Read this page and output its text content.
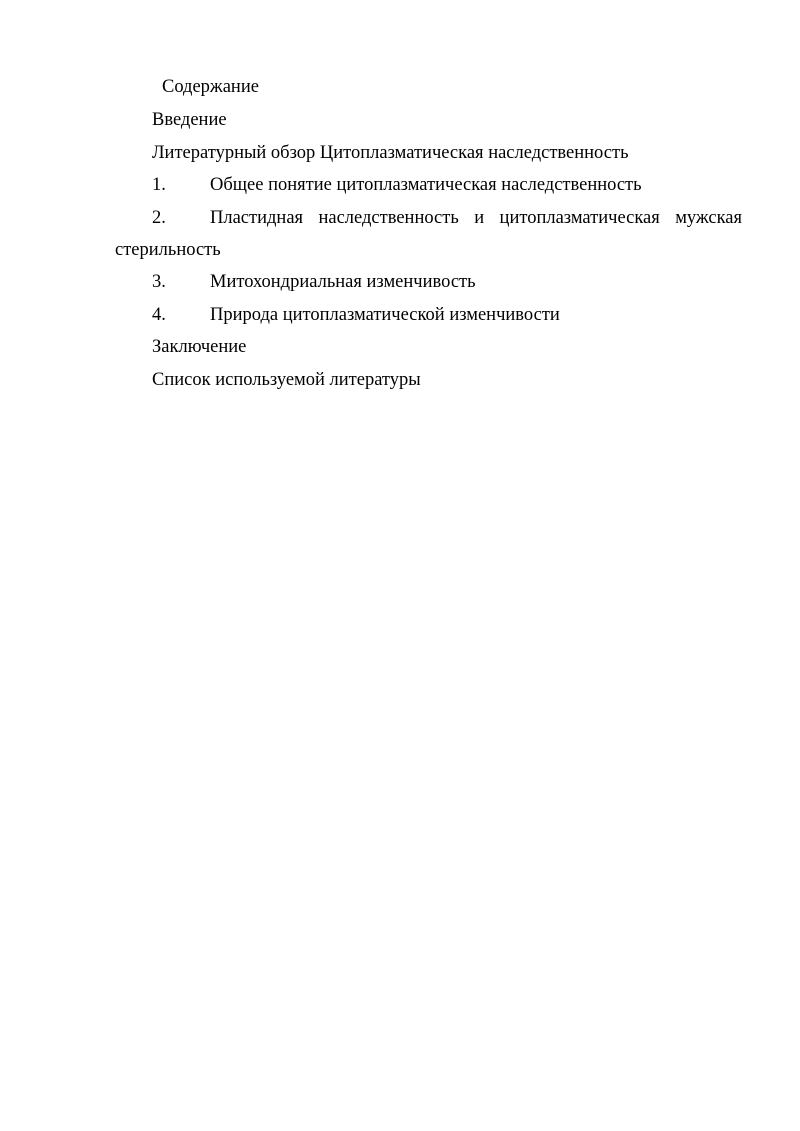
Содержание
Введение
Литературный обзор Цитоплазматическая наследственность
1. Общее понятие цитоплазматическая наследственность
2. Пластидная наследственность и цитоплазматическая мужская
стерильность
3. Митохондриальная изменчивость
4. Природа цитоплазматической изменчивости
Заключение
Список используемой литературы
